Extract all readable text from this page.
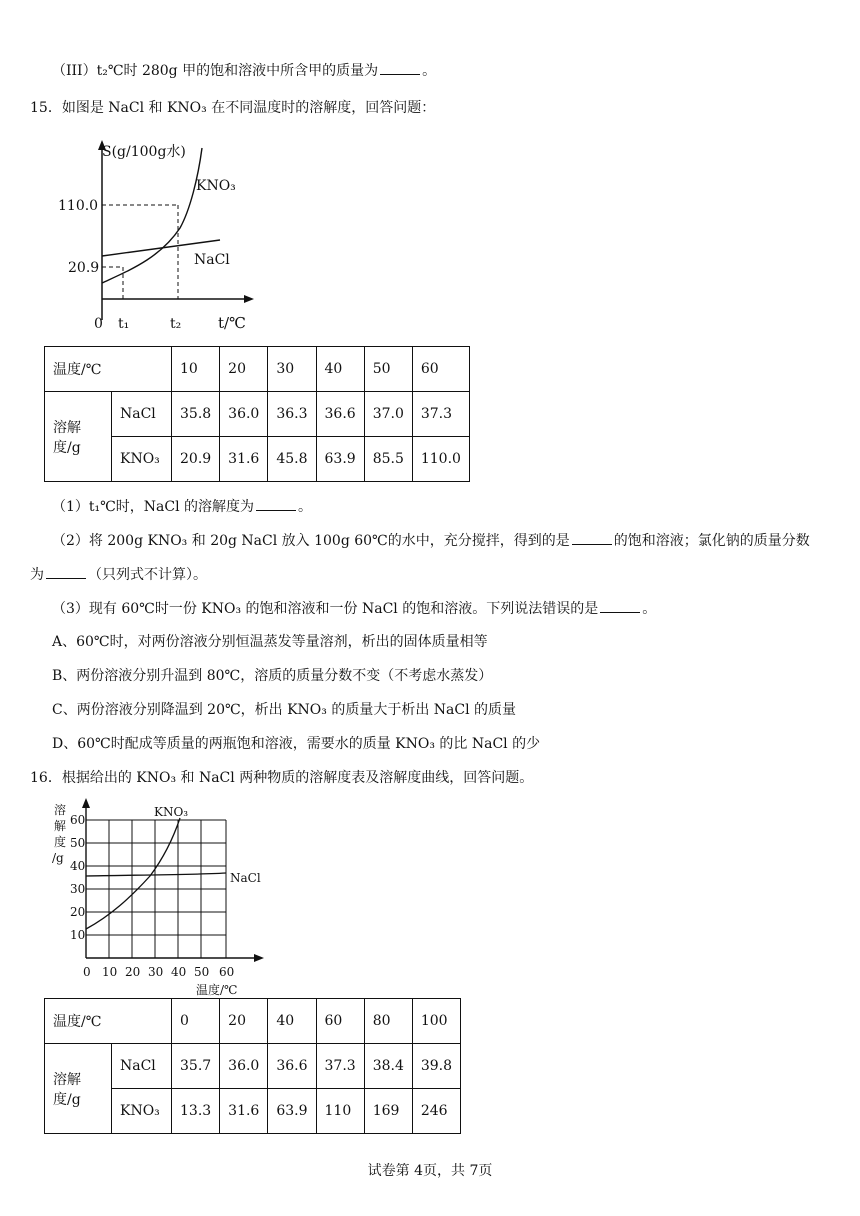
（III）t₂℃时 280g 甲的饱和溶液中所含甲的质量为	。
15．如图是 NaCl 和 KNO₃ 在不同温度时的溶解度，回答问题：
S(g/100g水)
110.0
20.9
0 t₁	t₂ t/℃
KNO₃
NaCl
温度/℃		10	20	30	40	50	60
溶解度/g	NaCl	35.8	36.0	36.3	36.6	37.0	37.3
	KNO₃	20.9	31.6	45.8	63.9	85.5	110.0
（1）t₁℃时，NaCl 的溶解度为	。
（2）将 200g KNO₃ 和 20g NaCl 放入 100g 60℃的水中，充分搅拌，得到的是	的饱和溶液；氯化钠的质量分数
为	（只列式不计算）。
（3）现有 60℃时一份 KNO₃ 的饱和溶液和一份 NaCl 的饱和溶液。下列说法错误的是	。
A、60℃时，对两份溶液分别恒温蒸发等量溶剂，析出的固体质量相等
B、两份溶液分别升温到 80℃，溶质的质量分数不变（不考虑水蒸发）
C、两份溶液分别降温到 20℃，析出 KNO₃ 的质量大于析出 NaCl 的质量
D、60℃时配成等质量的两瓶饱和溶液，需要水的质量 KNO₃ 的比 NaCl 的少
16．根据给出的 KNO₃ 和 NaCl 两种物质的溶解度表及溶解度曲线，回答问题。
10
20
30
40
50
60
溶
解
度
/g
0 10 20 30 40 50 60
温度/℃
KNO₃
NaCl
温度/℃		0	20	40	60	80	100
溶解度/g	NaCl	35.7	36.0	36.6	37.3	38.4	39.8
	KNO₃	13.3	31.6	63.9	110	169	246
试卷第 4页，共 7页
